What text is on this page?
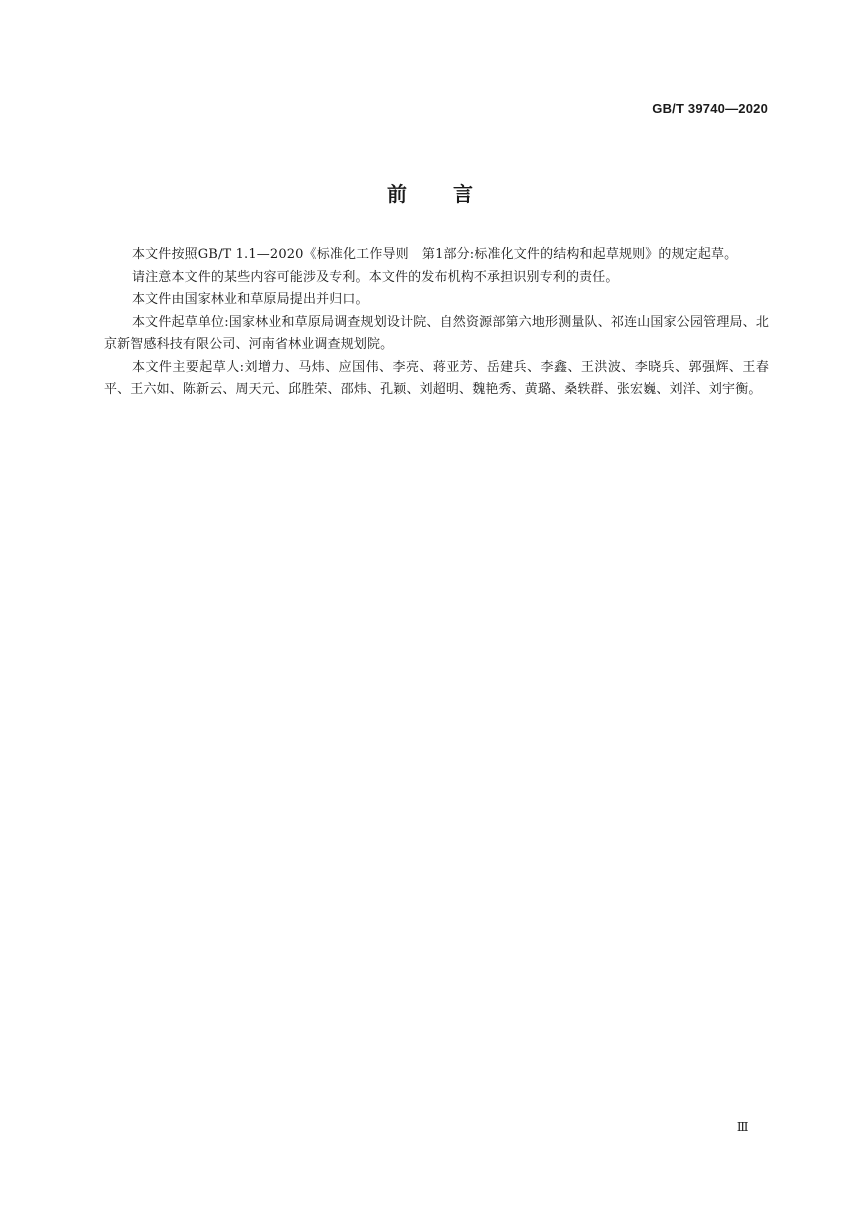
GB/T 39740—2020
前言

本文件按照GB/T 1.1—2020《标准化工作导则　第1部分:标准化文件的结构和起草规则》的规定起草。

请注意本文件的某些内容可能涉及专利。本文件的发布机构不承担识别专利的责任。

本文件由国家林业和草原局提出并归口。

本文件起草单位:国家林业和草原局调查规划设计院、自然资源部第六地形测量队、祁连山国家公园管理局、北京新智感科技有限公司、河南省林业调查规划院。

本文件主要起草人:刘增力、马炜、应国伟、李亮、蒋亚芳、岳建兵、李鑫、王洪波、李晓兵、郭强辉、王春平、王六如、陈新云、周天元、邱胜荣、邵炜、孔颖、刘超明、魏艳秀、黄璐、桑轶群、张宏巍、刘洋、刘宇衡。

Ⅲ
